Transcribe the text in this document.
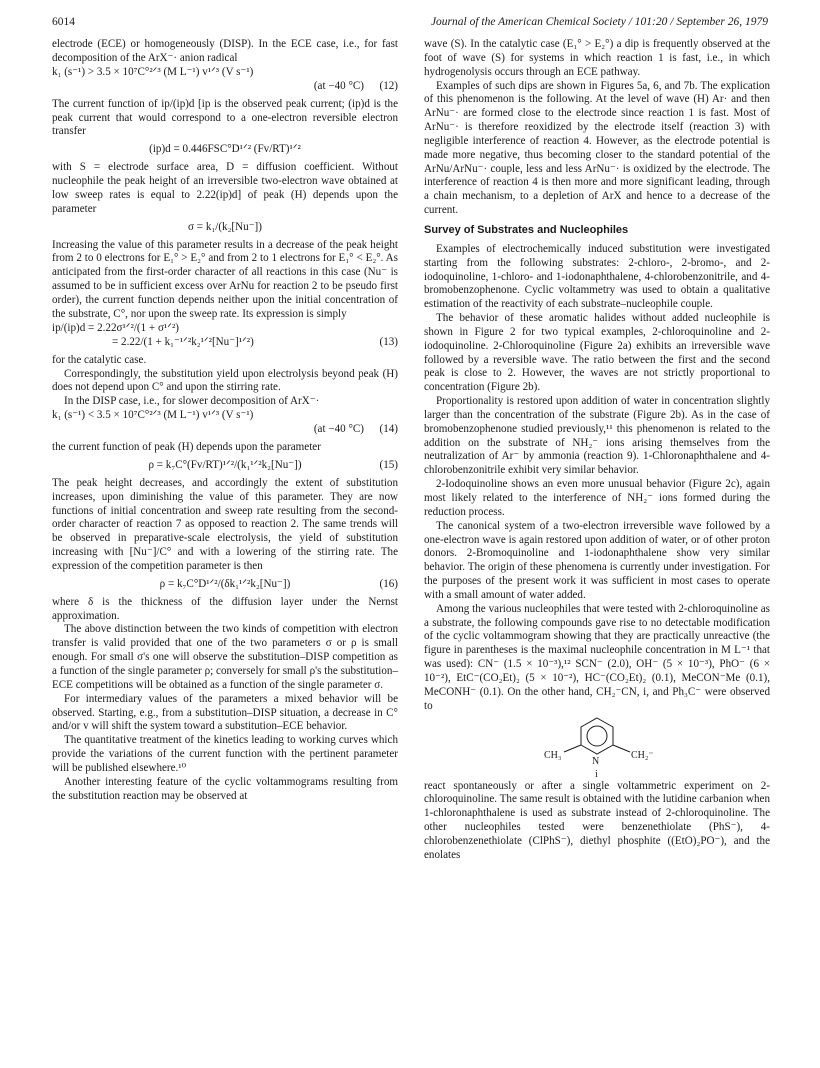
6014	Journal of the American Chemical Society / 101:20 / September 26, 1979

electrode (ECE) or homogeneously (DISP). In the ECE case, i.e., for fast decomposition of the ArX⁻· anion radical

k₁ (s⁻¹) > 3.5 × 10⁷C°²ᐟ³ (M L⁻¹) v¹ᐟ³ (V s⁻¹)
(at −40 °C) (12)

The current function of ip/(ip)d [ip is the observed peak current; (ip)d is the peak current that would correspond to a one-electron reversible electron transfer

(ip)d = 0.446FSC°D¹ᐟ² (Fv/RT)¹ᐟ²

with S = electrode surface area, D = diffusion coefficient. Without nucleophile the peak height of an irreversible two-electron wave obtained at low sweep rates is equal to 2.22(ip)d] of peak (H) depends upon the parameter

σ = k₁/(k₂[Nu⁻])

Increasing the value of this parameter results in a decrease of the peak height from 2 to 0 electrons for E₁° > E₂° and from 2 to 1 electrons for E₁° < E₂°. As anticipated from the first-order character of all reactions in this case (Nu⁻ is assumed to be in sufficient excess over ArNu for reaction 2 to be pseudo first order), the current function depends neither upon the initial concentration of the substrate, C°, nor upon the sweep rate. Its expression is simply

ip/(ip)d = 2.22σ¹ᐟ²/(1 + σ¹ᐟ²)
= 2.22/(1 + k₁⁻¹ᐟ²k₂¹ᐟ²[Nu⁻]¹ᐟ²)	(13)

for the catalytic case.

Correspondingly, the substitution yield upon electrolysis beyond peak (H) does not depend upon C° and upon the stirring rate.

In the DISP case, i.e., for slower decomposition of ArX⁻·

k₁ (s⁻¹) < 3.5 × 10⁷C°²ᐟ³ (M L⁻¹) v¹ᐟ³ (V s⁻¹)
(at −40 °C) (14)

the current function of peak (H) depends upon the parameter

ρ = k₇C°(Fv/RT)¹ᐟ²/(k₁¹ᐟ²k₂[Nu⁻])	(15)

The peak height decreases, and accordingly the extent of substitution increases, upon diminishing the value of this parameter. They are now functions of initial concentration and sweep rate resulting from the second-order character of reaction 7 as opposed to reaction 2. The same trends will be observed in preparative-scale electrolysis, the yield of substitution increasing with [Nu⁻]/C° and with a lowering of the stirring rate. The expression of the competition parameter is then

ρ = k₇C°D¹ᐟ²/(δk₁¹ᐟ²k₂[Nu⁻])	(16)

where δ is the thickness of the diffusion layer under the Nernst approximation.

The above distinction between the two kinds of competition with electron transfer is valid provided that one of the two parameters σ or ρ is small enough. For small σ's one will observe the substitution–DISP competition as a function of the single parameter ρ; conversely for small ρ's the substitution–ECE competitions will be obtained as a function of the single parameter σ.

For intermediary values of the parameters a mixed behavior will be observed. Starting, e.g., from a substitution–DISP situation, a decrease in C° and/or v will shift the system toward a substitution–ECE behavior.

The quantitative treatment of the kinetics leading to working curves which provide the variations of the current function with the pertinent parameter will be published elsewhere.¹⁰

Another interesting feature of the cyclic voltammograms resulting from the substitution reaction may be observed at

wave (S). In the catalytic case (E₁° > E₂°) a dip is frequently observed at the foot of wave (S) for systems in which reaction 1 is fast, i.e., in which hydrogenolysis occurs through an ECE pathway.

Examples of such dips are shown in Figures 5a, 6, and 7b. The explication of this phenomenon is the following. At the level of wave (H) Ar· and then ArNu⁻· are formed close to the electrode since reaction 1 is fast. Most of ArNu⁻· is therefore reoxidized by the electrode itself (reaction 3) with negligible interference of reaction 4. However, as the electrode potential is made more negative, thus becoming closer to the standard potential of the ArNu/ArNu⁻· couple, less and less ArNu⁻· is oxidized by the electrode. The interference of reaction 4 is then more and more significant leading, through a chain mechanism, to a depletion of ArX and hence to a decrease of the current.

Survey of Substrates and Nucleophiles

Examples of electrochemically induced substitution were investigated starting from the following substrates: 2-chloro-, 2-bromo-, and 2-iodoquinoline, 1-chloro- and 1-iodonaphthalene, 4-chlorobenzonitrile, and 4-bromobenzophenone. Cyclic voltammetry was used to obtain a qualitative estimation of the reactivity of each substrate–nucleophile couple.

The behavior of these aromatic halides without added nucleophile is shown in Figure 2 for two typical examples, 2-chloroquinoline and 2-iodoquinoline. 2-Chloroquinoline (Figure 2a) exhibits an irreversible wave followed by a reversible wave. The ratio between the first and the second peak is close to 2. However, the waves are not strictly proportional to concentration (Figure 2b).

Proportionality is restored upon addition of water in concentration slightly larger than the concentration of the substrate (Figure 2b). As in the case of bromobenzophenone studied previously,¹¹ this phenomenon is related to the addition on the substrate of NH₂⁻ ions arising themselves from the neutralization of Ar⁻ by ammonia (reaction 9). 1-Chloronaphthalene and 4-chlorobenzonitrile exhibit very similar behavior.

2-Iodoquinoline shows an even more unusual behavior (Figure 2c), again most likely related to the interference of NH₂⁻ ions formed during the reduction process.

The canonical system of a two-electron irreversible wave followed by a one-electron wave is again restored upon addition of water, or of other proton donors. 2-Bromoquinoline and 1-iodonaphthalene show very similar behavior. The origin of these phenomena is currently under investigation. For the purposes of the present work it was sufficient in most cases to operate with a small amount of water added.

Among the various nucleophiles that were tested with 2-chloroquinoline as a substrate, the following compounds gave rise to no detectable modification of the cyclic voltammogram showing that they are practically unreactive (the figure in parentheses is the maximal nucleophile concentration in M L⁻¹ that was used): CN⁻ (1.5 × 10⁻³),¹² SCN⁻ (2.0), OH⁻ (5 × 10⁻³), PhO⁻ (6 × 10⁻²), EtC⁻(CO₂Et)₂ (5 × 10⁻²), HC⁻(CO₂Et)₂ (0.1), MeCON⁻Me (0.1), MeCONH⁻ (0.1). On the other hand, CH₂⁻CN, i, and Ph₃C⁻ were observed to

CH₃
N
CH₂⁻
i

react spontaneously or after a single voltammetric experiment on 2-chloroquinoline. The same result is obtained with the lutidine carbanion when 1-chloronaphthalene is used as substrate instead of 2-chloroquinoline. The other nucleophiles tested were benzenethiolate (PhS⁻), 4-chlorobenzenethiolate (ClPhS⁻), diethyl phosphite ((EtO)₂PO⁻), and the enolates
